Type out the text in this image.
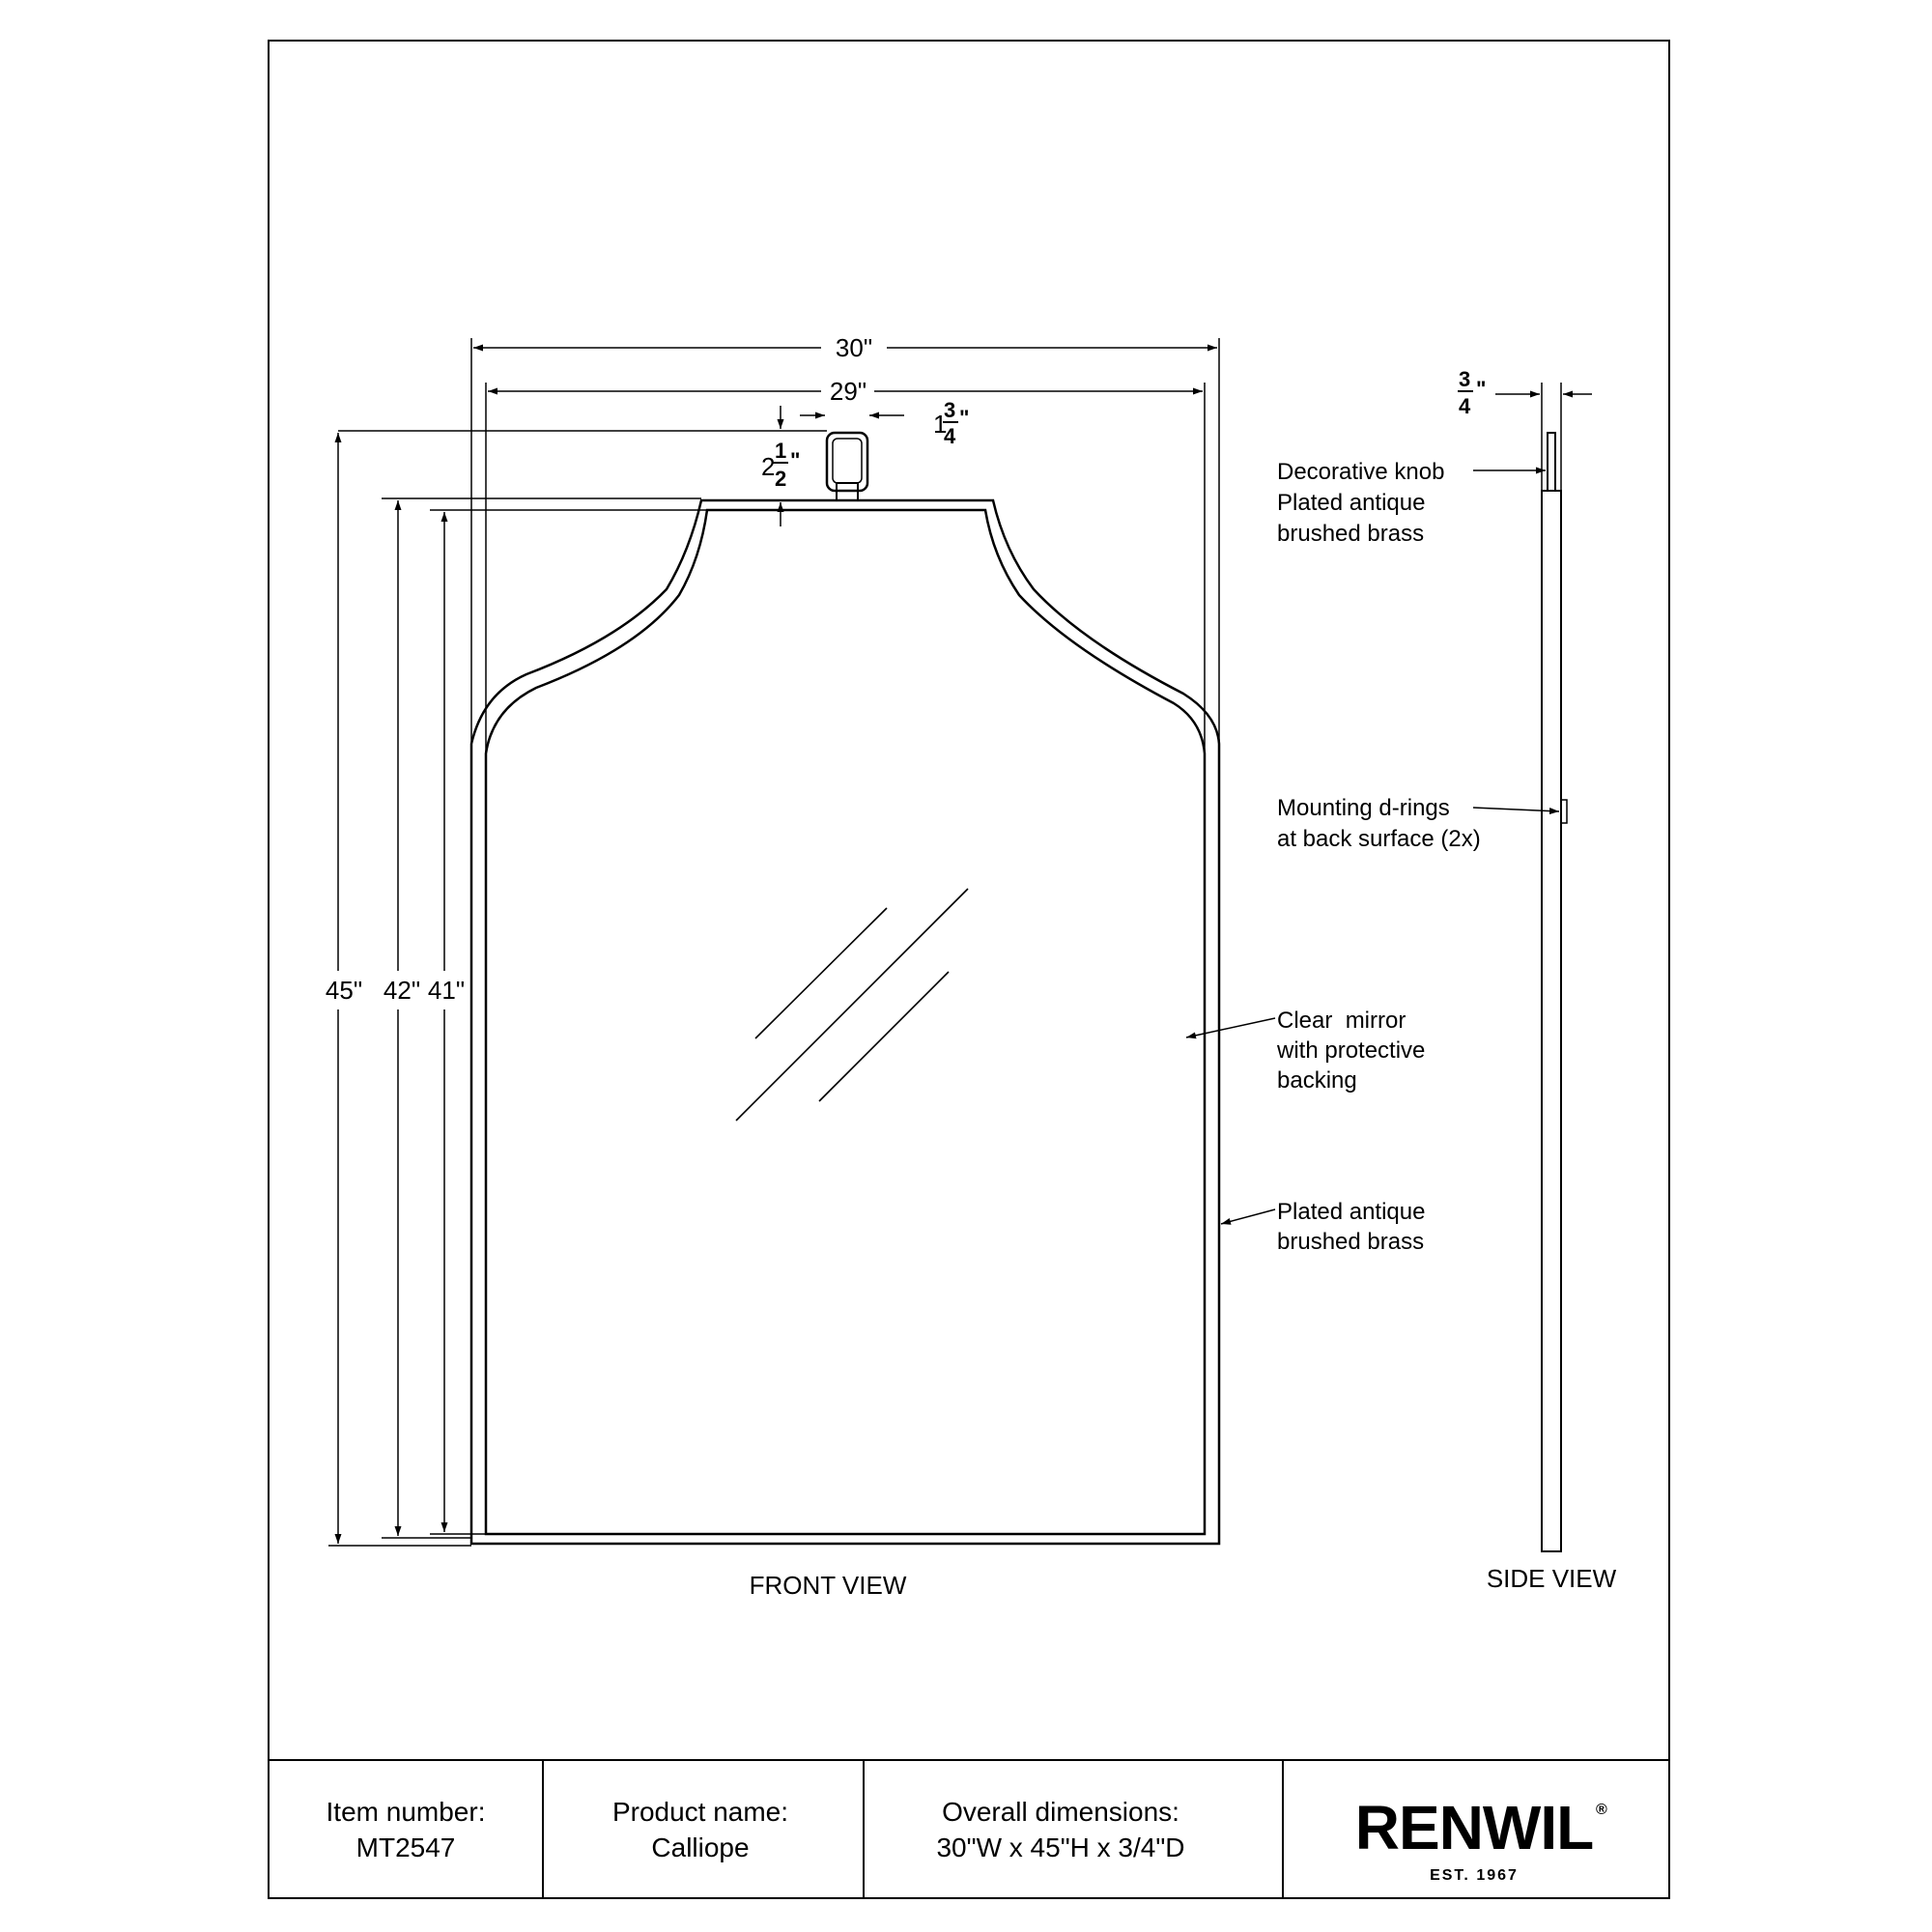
30"
29"
1
3
4
"
2
1
2
"
45" 42" 41"
FRONT VIEW
3
4
"
SIDE VIEW
Decorative knob
Plated antique
brushed brass
Mounting d-rings
at back surface (2x)
Clear  mirror
with protective
backing
Plated antique
brushed brass
Item number:
MT2547
Product name:
Calliope
Overall dimensions:
30"W x 45"H x 3/4"D	RENWIL ®
EST. 1967
